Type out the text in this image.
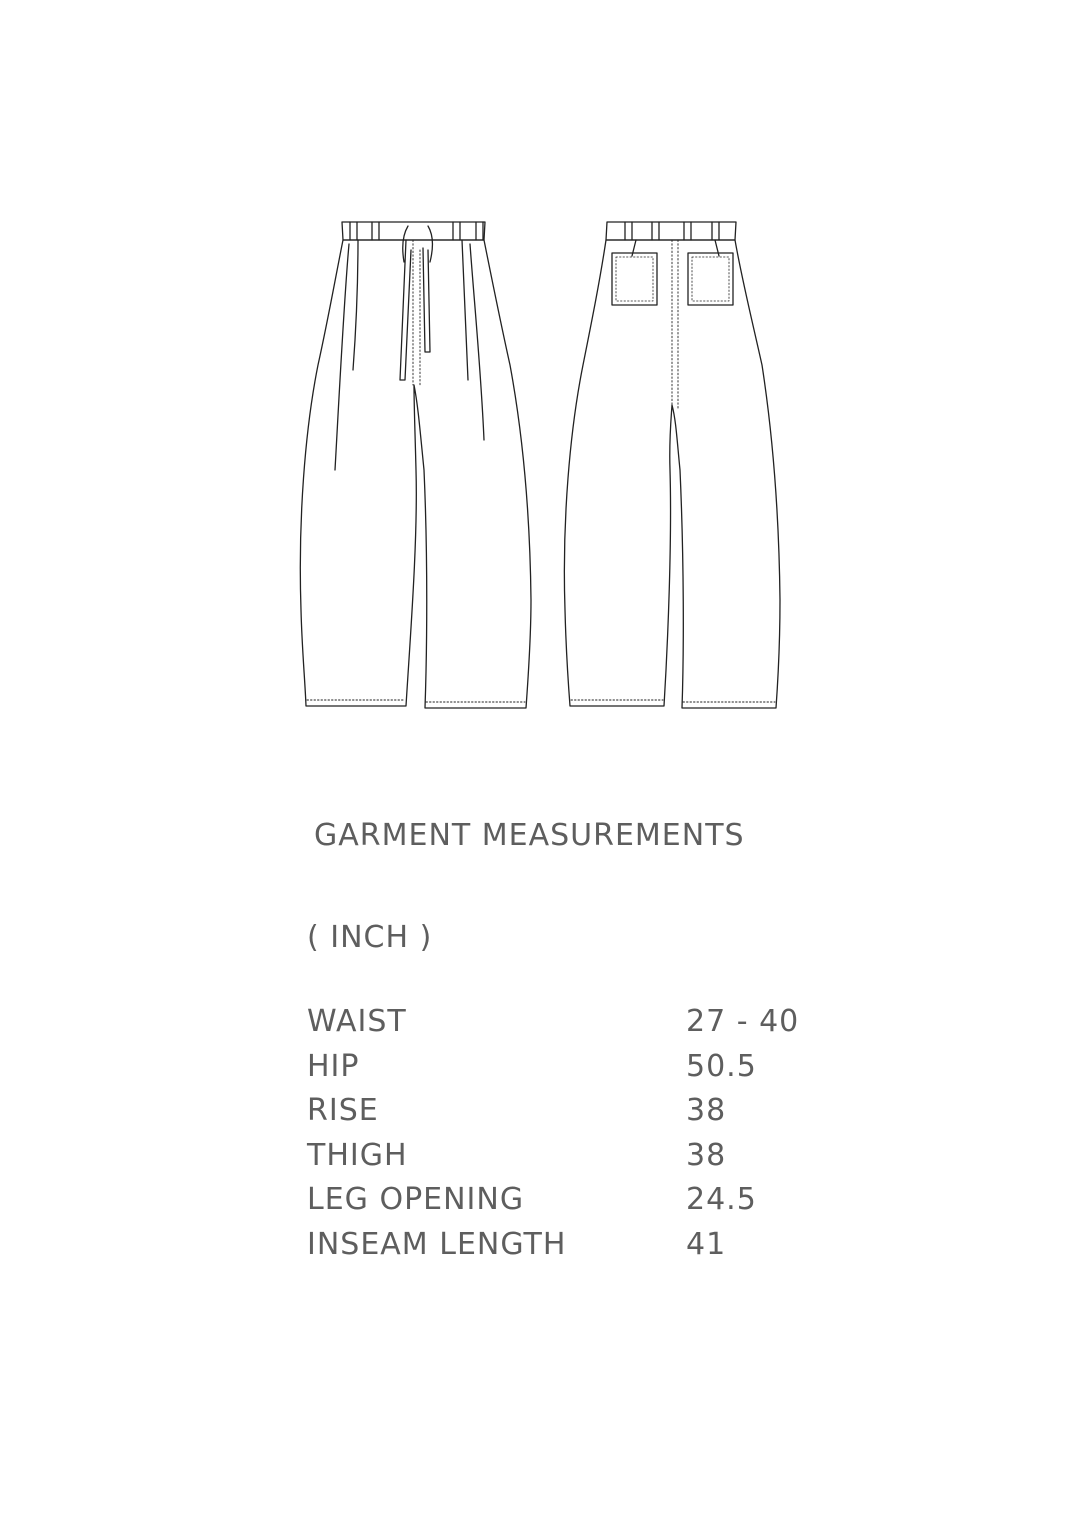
GARMENT MEASUREMENTS
( INCH )
WAIST	27 - 40
HIP	50.5
RISE	38
THIGH	38
LEG OPENING	24.5
INSEAM LENGTH	41
